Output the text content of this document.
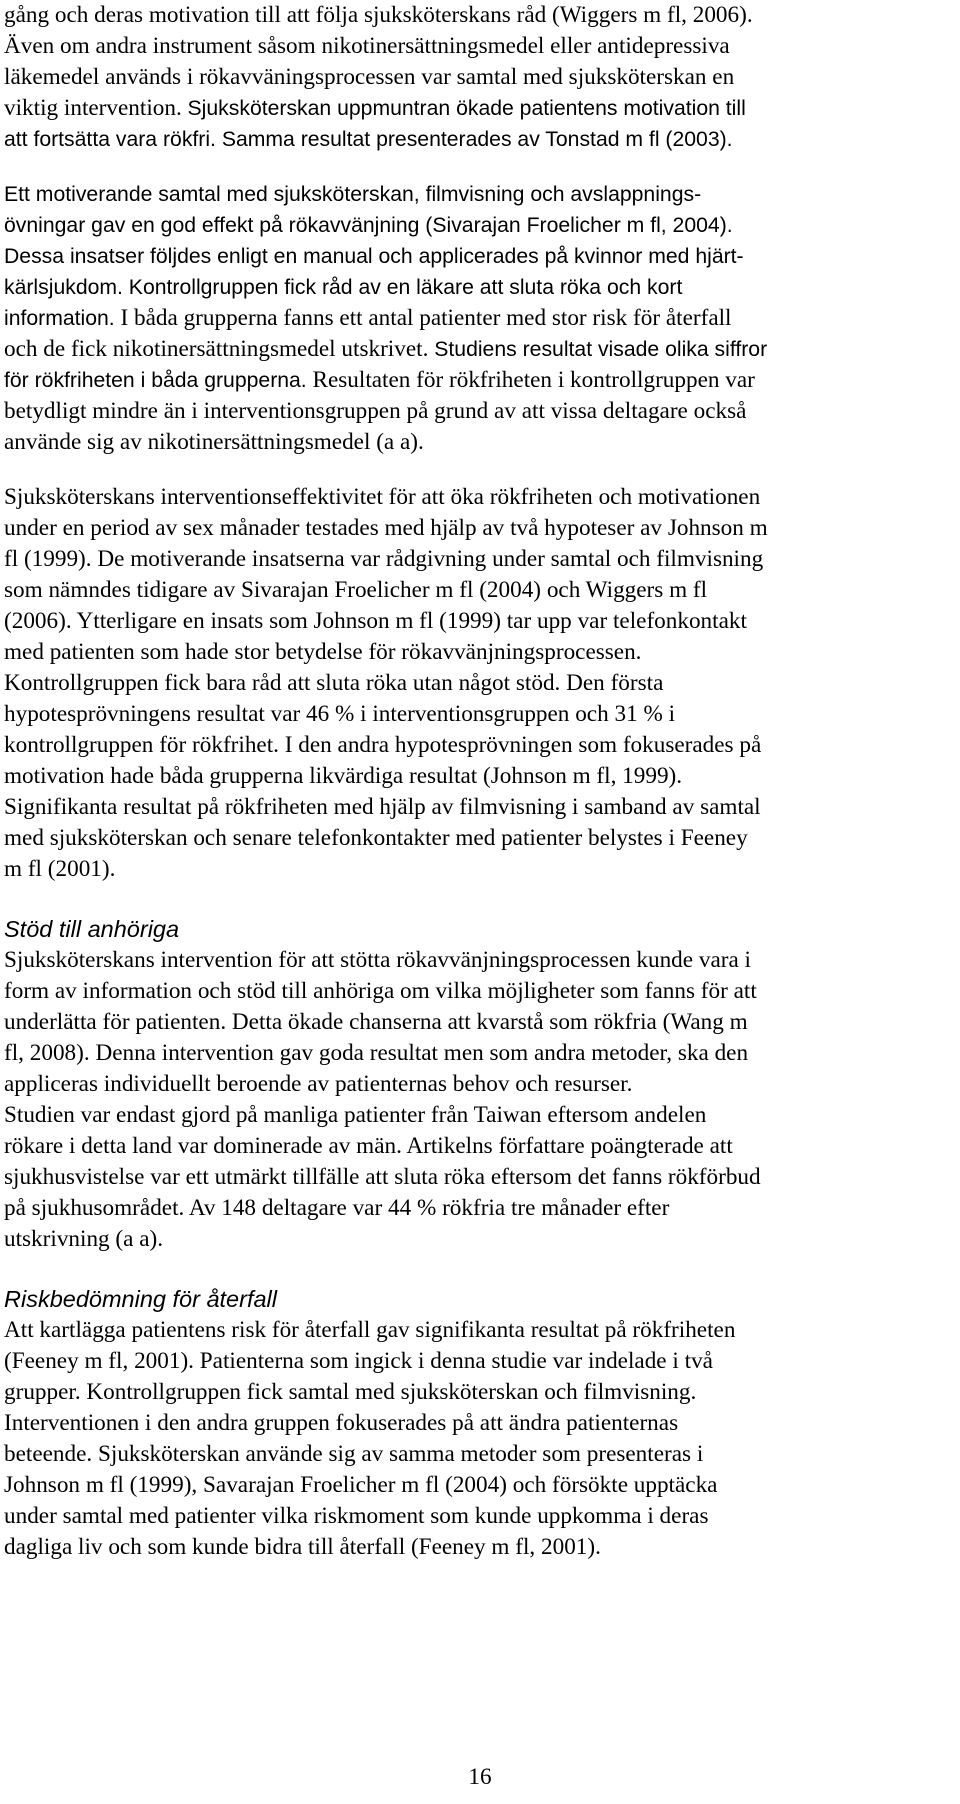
gång och deras motivation till att följa sjuksköterskans råd (Wiggers m fl, 2006).
Även om andra instrument såsom nikotinersättningsmedel eller antidepressiva
läkemedel används i rökavväningsprocessen var samtal med sjuksköterskan en
viktig intervention. Sjuksköterskan uppmuntran ökade patientens motivation till
att fortsätta vara rökfri. Samma resultat presenterades av Tonstad m fl (2003).
Ett motiverande samtal med sjuksköterskan, filmvisning och avslappnings-
övningar gav en god effekt på rökavvänjning (Sivarajan Froelicher m fl, 2004).
Dessa insatser följdes enligt en manual och applicerades på kvinnor med hjärt-
kärlsjukdom. Kontrollgruppen fick råd av en läkare att sluta röka och kort
information. I båda grupperna fanns ett antal patienter med stor risk för återfall
och de fick nikotinersättningsmedel utskrivet. Studiens resultat visade olika siffror
för rökfriheten i båda grupperna. Resultaten för rökfriheten i kontrollgruppen var
betydligt mindre än i interventionsgruppen på grund av att vissa deltagare också
använde sig av nikotinersättningsmedel (a a).
Sjuksköterskans interventionseffektivitet för att öka rökfriheten och motivationen
under en period av sex månader testades med hjälp av två hypoteser av Johnson m
fl (1999). De motiverande insatserna var rådgivning under samtal och filmvisning
som nämndes tidigare av Sivarajan Froelicher m fl (2004) och Wiggers m fl
(2006). Ytterligare en insats som Johnson m fl (1999) tar upp var telefonkontakt
med patienten som hade stor betydelse för rökavvänjningsprocessen.
Kontrollgruppen fick bara råd att sluta röka utan något stöd. Den första
hypotesprövningens resultat var 46 % i interventionsgruppen och 31 % i
kontrollgruppen för rökfrihet. I den andra hypotesprövningen som fokuserades på
motivation hade båda grupperna likvärdiga resultat (Johnson m fl, 1999).
Signifikanta resultat på rökfriheten med hjälp av filmvisning i samband av samtal
med sjuksköterskan och senare telefonkontakter med patienter belystes i Feeney
m fl (2001).
Stöd till anhöriga
Sjuksköterskans intervention för att stötta rökavvänjningsprocessen kunde vara i
form av information och stöd till anhöriga om vilka möjligheter som fanns för att
underlätta för patienten. Detta ökade chanserna att kvarstå som rökfria (Wang m
fl, 2008). Denna intervention gav goda resultat men som andra metoder, ska den
appliceras individuellt beroende av patienternas behov och resurser.
Studien var endast gjord på manliga patienter från Taiwan eftersom andelen
rökare i detta land var dominerade av män. Artikelns författare poängterade att
sjukhusvistelse var ett utmärkt tillfälle att sluta röka eftersom det fanns rökförbud
på sjukhusområdet. Av 148 deltagare var 44 % rökfria tre månader efter
utskrivning (a a).
Riskbedömning för återfall
Att kartlägga patientens risk för återfall gav signifikanta resultat på rökfriheten
(Feeney m fl, 2001). Patienterna som ingick i denna studie var indelade i två
grupper. Kontrollgruppen fick samtal med sjuksköterskan och filmvisning.
Interventionen i den andra gruppen fokuserades på att ändra patienternas
beteende. Sjuksköterskan använde sig av samma metoder som presenteras i
Johnson m fl (1999), Savarajan Froelicher m fl (2004) och försökte upptäcka
under samtal med patienter vilka riskmoment som kunde uppkomma i deras
dagliga liv och som kunde bidra till återfall (Feeney m fl, 2001).
16
